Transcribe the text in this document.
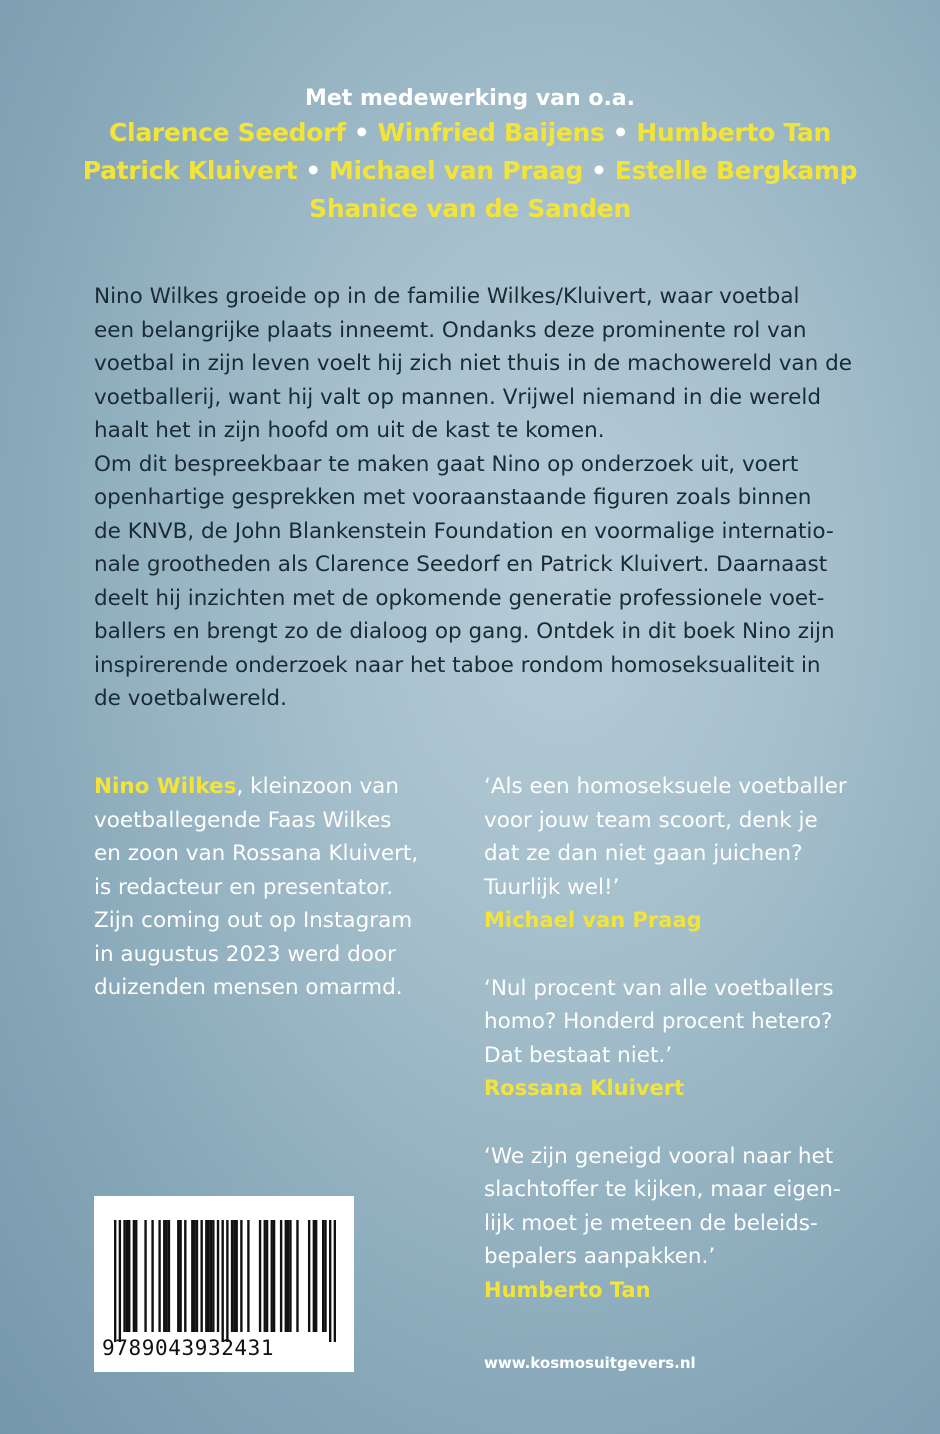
Met medewerking van o.a.
Clarence Seedorf • Winfried Baijens • Humberto Tan
Patrick Kluivert • Michael van Praag • Estelle Bergkamp
Shanice van de Sanden

Nino Wilkes groeide op in de familie Wilkes/Kluivert, waar voetbal

een belangrijke plaats inneemt. Ondanks deze prominente rol van

voetbal in zijn leven voelt hij zich niet thuis in de machowereld van de

voetballerij, want hij valt op mannen. Vrijwel niemand in die wereld

haalt het in zijn hoofd om uit de kast te komen.

Om dit bespreekbaar te maken gaat Nino op onderzoek uit, voert

openhartige gesprekken met vooraanstaande figuren zoals binnen

de KNVB, de John Blankenstein Foundation en voormalige internatio-

nale grootheden als Clarence Seedorf en Patrick Kluivert. Daarnaast

deelt hij inzichten met de opkomende generatie professionele voet-

ballers en brengt zo de dialoog op gang. Ontdek in dit boek Nino zijn

inspirerende onderzoek naar het taboe rondom homoseksualiteit in

de voetbalwereld.

Nino Wilkes, kleinzoon van
voetballegende Faas Wilkes
en zoon van Rossana Kluivert,
is redacteur en presentator.
Zijn coming out op Instagram
in augustus 2023 werd door
duizenden mensen omarmd.
‘Als een homoseksuele voetballer
voor jouw team scoort, denk je
dat ze dan niet gaan juichen?
Tuurlijk wel!’
Michael van Praag
‘Nul procent van alle voetballers
homo? Honderd procent hetero?
Dat bestaat niet.’
Rossana Kluivert
‘We zijn geneigd vooral naar het
slachtoffer te kijken, maar eigen-
lijk moet je meteen de beleids-
bepalers aanpakken.’
Humberto Tan
9789043932431
www.kosmosuitgevers.nl
